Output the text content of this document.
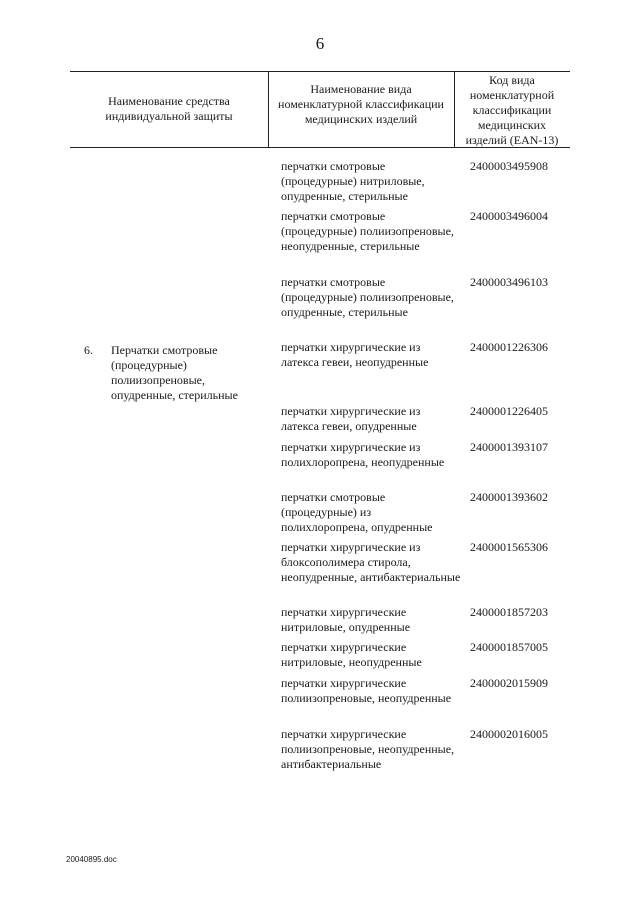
6
Наименование средства индивидуальной защиты
Наименование вида номенклатурной классификации медицинских изделий
Код вида номенклатурной классификации медицинских изделий (EAN-13)
6. Перчатки смотровые (процедурные) полиизопреновые, опудренные, стерильные
перчатки смотровые (процедурные) нитриловые, опудренные, стерильные
2400003495908
перчатки смотровые (процедурные) полиизопреновые, неопудренные, стерильные
2400003496004
перчатки смотровые (процедурные) полиизопреновые, опудренные, стерильные
2400003496103
перчатки хирургические из латекса гевеи, неопудренные
2400001226306
перчатки хирургические из латекса гевеи, опудренные
2400001226405
перчатки хирургические из полихлоропрена, неопудренные
2400001393107
перчатки смотровые (процедурные) из полихлоропрена, опудренные
2400001393602
перчатки хирургические из блоксополимера стирола, неопудренные, антибактериальные
2400001565306
перчатки хирургические нитриловые, опудренные
2400001857203
перчатки хирургические нитриловые, неопудренные
2400001857005
перчатки хирургические полиизопреновые, неопудренные
2400002015909
перчатки хирургические полиизопреновые, неопудренные, антибактериальные
2400002016005
20040895.doc
